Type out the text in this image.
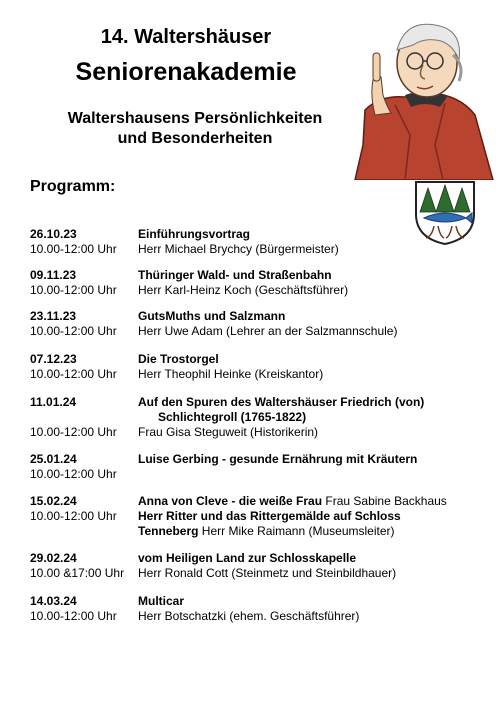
14. Waltershäuser
Seniorenakademie
Waltershausens Persönlichkeiten
und Besonderheiten
Programm:
26.10.23	Einführungsvortrag
10.00-12:00 Uhr	Herr Michael Brychcy (Bürgermeister)
09.11.23	Thüringer Wald- und Straßenbahn
10.00-12:00 Uhr	Herr Karl-Heinz Koch (Geschäftsführer)
23.11.23	GutsMuths und Salzmann
10.00-12:00 Uhr	Herr Uwe Adam (Lehrer an der Salzmannschule)
07.12.23	Die Trostorgel
10.00-12:00 Uhr	Herr Theophil Heinke (Kreiskantor)
11.01.24	Auf den Spuren des Waltershäuser Friedrich (von)
Schlichtegroll (1765-1822)
10.00-12:00 Uhr	Frau Gisa Steguweit (Historikerin)
25.01.24	Luise Gerbing - gesunde Ernährung mit Kräutern
10.00-12:00 Uhr
15.02.24	Anna von Cleve - die weiße Frau Frau Sabine Backhaus
10.00-12:00 Uhr	Herr Ritter und das Rittergemälde auf Schloss
Tenneberg Herr Mike Raimann (Museumsleiter)
29.02.24	vom Heiligen Land zur Schlosskapelle
10.00 &17:00 Uhr	Herr Ronald Cott (Steinmetz und Steinbildhauer)
14.03.24	Multicar
10.00-12:00 Uhr	Herr Botschatzki (ehem. Geschäftsführer)
